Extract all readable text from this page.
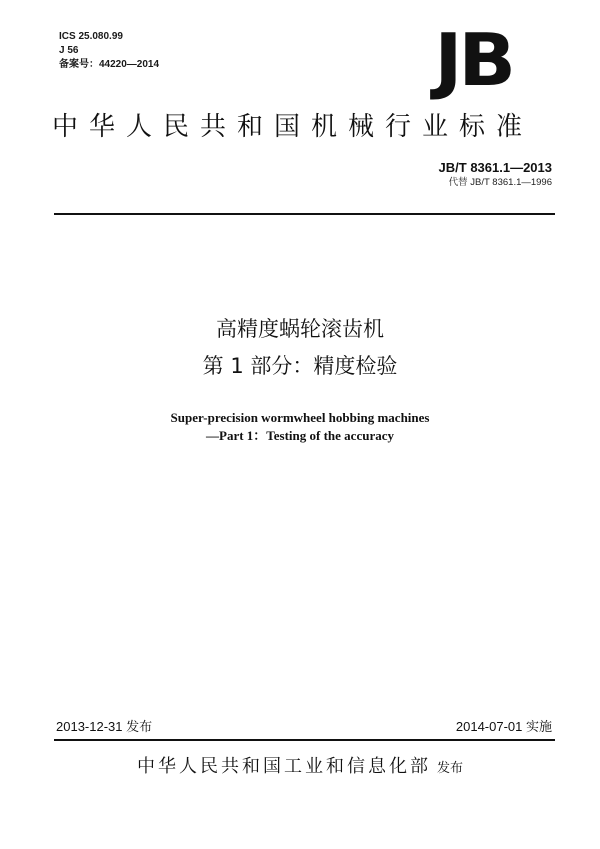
ICS 25.080.99
J 56
备案号：44220—2014	JB
中华人民共和国机械行业标准
JB/T 8361.1—2013
代替 JB/T 8361.1—1996
高精度蜗轮滚齿机
第 1 部分：精度检验
Super-precision wormwheel hobbing machines
—Part 1：Testing of the accuracy
2013-12-31 发布	2014-07-01 实施
中华人民共和国工业和信息化部 发布
